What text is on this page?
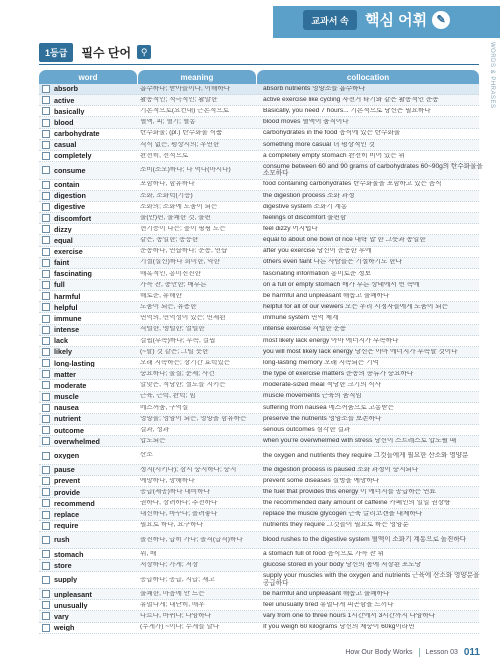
교과서 속	핵심 어휘 ✎
WORDS & PHRASES
1등급	필수 단어	⚲
word	meaning	collocation
absorb	흡수하다; 받아들이다, 이해하다	absorb nutrients 영양소를 흡수하다
active	활동적인; 적극적인; 활발한	active exercise like cycling 자전거 타기와 같은 활동적인 운동
basically	기본적으로(요컨대) 근본적으로	Basically, you need 7 hours... 기본적으로 당신은 필요하다
blood	혈액, 피; 혈기; 혈통	blood moves 혈액이 움직이다
carbohydrate	탄수화물; (pl.) 탄수화물 식품	carbohydrates in the food 음식에 있는 탄수화물
casual	격식 없는, 평상시의; 우연한	something more casual 더 평상적인 것
completely	완전히, 전적으로	a completely empty stomach 완전히 비어 있는 위
consume	소비(소모)하다; 다 먹다(마시다)	consume between 60 and 90 grams of carbohydrates 60~90g의 탄수화물을 소모하다
contain	포함하다, 함유하다	food containing carbohydrates 탄수화물을 포함하고 있는 음식
digestion	소화, 소화력(기능)	the digestion process 소화 과정
digestive	소화의; 소화에 도움이 되는	digestive system 소화기 계통
discomfort	불(안)편, 불쾌한 것, 불편	feelings of discomfort 불편함
dizzy	현기증이 나는; 높이 핑핑 도는	feel dizzy 어지럽다
equal	같은, 동일한; 동등한	equal to about one bowl of rice 대략 밥 한 그릇과 동일한
exercise	운동하다, 연습하다; 운동, 연습	after you exercise 당신이 운동한 후에
faint	기절(실신)하다 희미한, 약한	others even faint 다른 사람들은 기절하기도 한다
fascinating	매혹적인, 흥미진진한	fascinating information 흥미로운 정보
full	가득 찬, 충만한; 배부른	on a full or empty stomach 배가 부른 상태에서 빈 속에
harmful	해로운, 유해한	be harmful and unpleasant 해롭고 불쾌하다
helpful	도움이 되는, 유용한	helpful for all of our viewers 모든 우리 시청자들에게 도움이 되는
immune	면역의, 면역성이 있는; 면제된	immune system 면역 체계
intense	격렬한, 맹렬한; 열렬한	intense exercise 격렬한 운동
lack	결핍(부족)하다; 부족, 결핍	most likely lack energy 아마 에너지가 부족하다
likely	(~할) 것 같은; 그럴 듯한	you will most likely lack energy 당신은 아마 에너지가 부족할 것이다
long-lasting	오래 지속하는; 장기간 효력있는	long-lasting memory 오래 지속되는 기억
matter	중요하다; 물질; 문제; 사건	the type of exercise matters 운동의 종류가 중요하다
moderate	알맞은, 적당한; 절도를 지키는	moderate-sized meal 적당한 크기의 식사
muscle	근육, 근력, 완력; 힘	muscle movements 근육의 움직임
nausea	메스꺼움, 구역질	suffering from nausea 메스꺼움으로 고통받는
nutrient	영양물; 영양이 되는, 영양을 함유하는	preserve the nutrients 영양소를 보존하다
outcome	결과, 성과	serious outcomes 심각한 결과
overwhelmed	압도되는	when you're overwhelmed with stress 당신이 스트레스로 압도될 때
oxygen	산소	the oxygen and nutrients they require 그것들에게 필요한 산소와 영양분
pause	정지(시키다); 잠시 중지하다; 중지	the digestion process is paused 소화 과정이 중지되다
prevent	예방하다, 방해하다	prevent some diseases 질병을 예방하다
provide	공급(제공)하다 대비하다	the fuel that provides this energy 이 에너지를 공급하는 연료
recommend	권하다, 장려하다; 추천하다	the recommended daily amount of caffeine 카페인의 일일 권장량
replace	대신하다, 바꾸다; 돌려놓다	replace the muscle glycogen 근육 글리코겐을 대체하다
require	필요로 하다, 요구하다	nutrients they require 그것들이 필요로 하는 영양분
rush	돌진하다, 급히 가다; 돌격(급격)하다	blood rushes to the digestive system 혈액이 소화기 계통으로 돌진하다
stomach	위, 배	a stomach full of food 음식으로 가득 찬 위
store	저장하다; 가게; 저장	glucose stored in your body 당신의 몸에 저장된 포도당
supply	공급하다; 공급, 지급; 재고	supply your muscles with the oxygen and nutrients 근육에 산소와 영양분을 공급하다
unpleasant	불쾌한, 마음에 안 드는	be harmful and unpleasant 해롭고 불쾌하다
unusually	유별나게; 대단히, 매우	feel unusually tired 유별나게 피곤함을 느끼다
vary	다르다, 바뀌다; 다양하다	vary from one to three hours 1시간에서 3시간까지 다양하다
weigh	(무게가) ~이다; 무게를 달다	If you weigh 60 kilograms 당신의 체중이 60kg이라면
How Our Body Works Lesson 03 011
